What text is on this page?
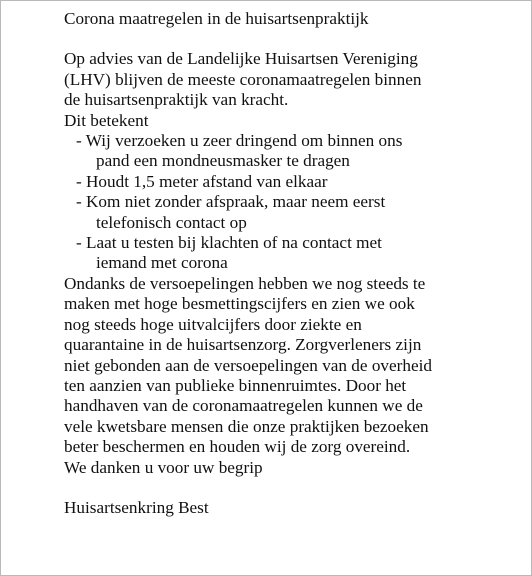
Corona maatregelen in de huisartsenpraktijk
Op advies van de Landelijke Huisartsen Vereniging
(LHV) blijven de meeste coronamaatregelen binnen
de huisartsenpraktijk van kracht.
Dit betekent
- Wij verzoeken u zeer dringend om binnen ons
pand een mondneusmasker te dragen
- Houdt 1,5 meter afstand van elkaar
- Kom niet zonder afspraak, maar neem eerst
telefonisch contact op
- Laat u testen bij klachten of na contact met
iemand met corona
Ondanks de versoepelingen hebben we nog steeds te
maken met hoge besmettingscijfers en zien we ook
nog steeds hoge uitvalcijfers door ziekte en
quarantaine in de huisartsenzorg. Zorgverleners zijn
niet gebonden aan de versoepelingen van de overheid
ten aanzien van publieke binnenruimtes. Door het
handhaven van de coronamaatregelen kunnen we de
vele kwetsbare mensen die onze praktijken bezoeken
beter beschermen en houden wij de zorg overeind.
We danken u voor uw begrip
Huisartsenkring Best
